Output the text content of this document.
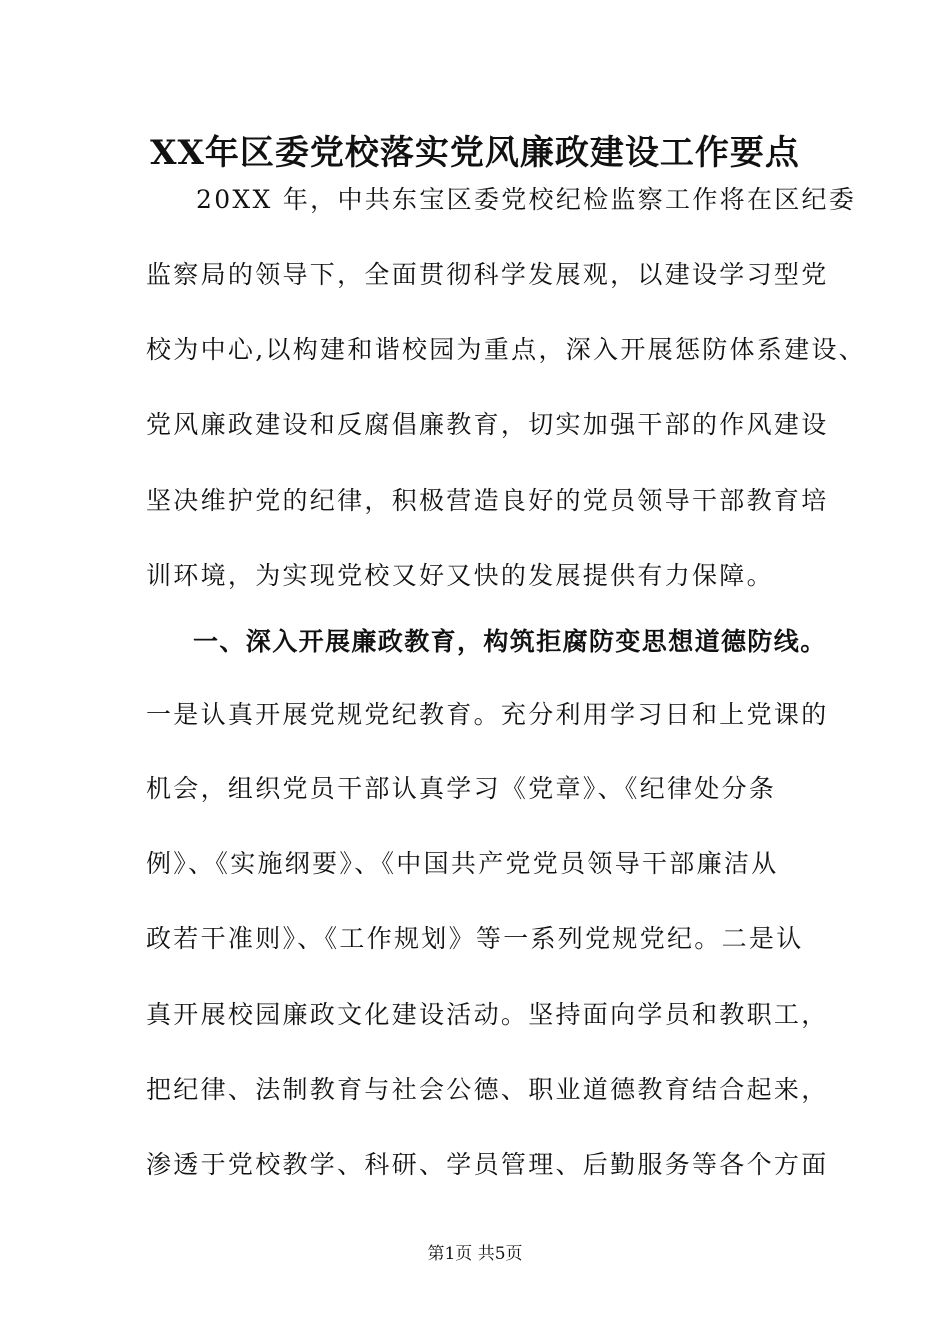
XX年区委党校落实党风廉政建设工作要点
20XX 年，中共东宝区委党校纪检监察工作将在区纪委
监察局的领导下，全面贯彻科学发展观，以建设学习型党
校为中心,以构建和谐校园为重点，深入开展惩防体系建设、
党风廉政建设和反腐倡廉教育，切实加强干部的作风建设
坚决维护党的纪律，积极营造良好的党员领导干部教育培
训环境，为实现党校又好又快的发展提供有力保障。
一、深入开展廉政教育，构筑拒腐防变思想道德防线。
一是认真开展党规党纪教育。充分利用学习日和上党课的
机会，组织党员干部认真学习《党章》、《纪律处分条
例》、《实施纲要》、《中国共产党党员领导干部廉洁从
政若干准则》、《工作规划》等一系列党规党纪。二是认
真开展校园廉政文化建设活动。坚持面向学员和教职工，
把纪律、法制教育与社会公德、职业道德教育结合起来，
渗透于党校教学、科研、学员管理、后勤服务等各个方面
第1页 共5页
